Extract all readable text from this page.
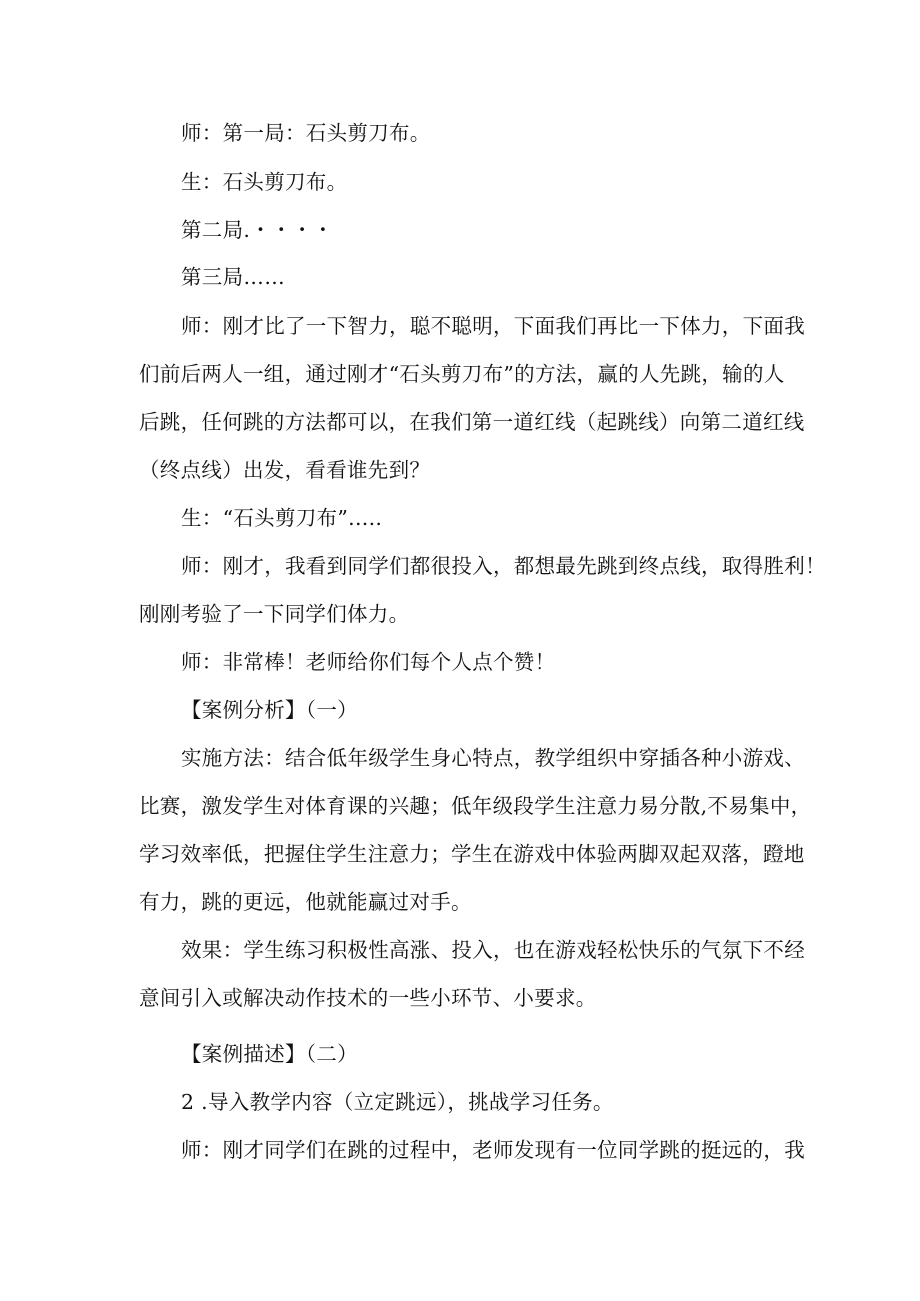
师：第一局：石头剪刀布。
生：石头剪刀布。
第二局.・・・・
第三局……
师：刚才比了一下智力，聪不聪明，下面我们再比一下体力，下面我
们前后两人一组，通过刚才“石头剪刀布”的方法，赢的人先跳，输的人
后跳，任何跳的方法都可以，在我们第一道红线（起跳线）向第二道红线
（终点线）出发，看看谁先到？
生：“石头剪刀布”.....
师：刚才，我看到同学们都很投入，都想最先跳到终点线，取得胜利！
刚刚考验了一下同学们体力。
师：非常棒！老师给你们每个人点个赞！
【案例分析】（一）
实施方法：结合低年级学生身心特点，教学组织中穿插各种小游戏、
比赛，激发学生对体育课的兴趣；低年级段学生注意力易分散,不易集中，
学习效率低，把握住学生注意力；学生在游戏中体验两脚双起双落，蹬地
有力，跳的更远，他就能赢过对手。
效果：学生练习积极性高涨、投入，也在游戏轻松快乐的气氛下不经
意间引入或解决动作技术的一些小环节、小要求。
【案例描述】（二）
2 .导入教学内容（立定跳远），挑战学习任务。
师：刚才同学们在跳的过程中，老师发现有一位同学跳的挺远的，我
